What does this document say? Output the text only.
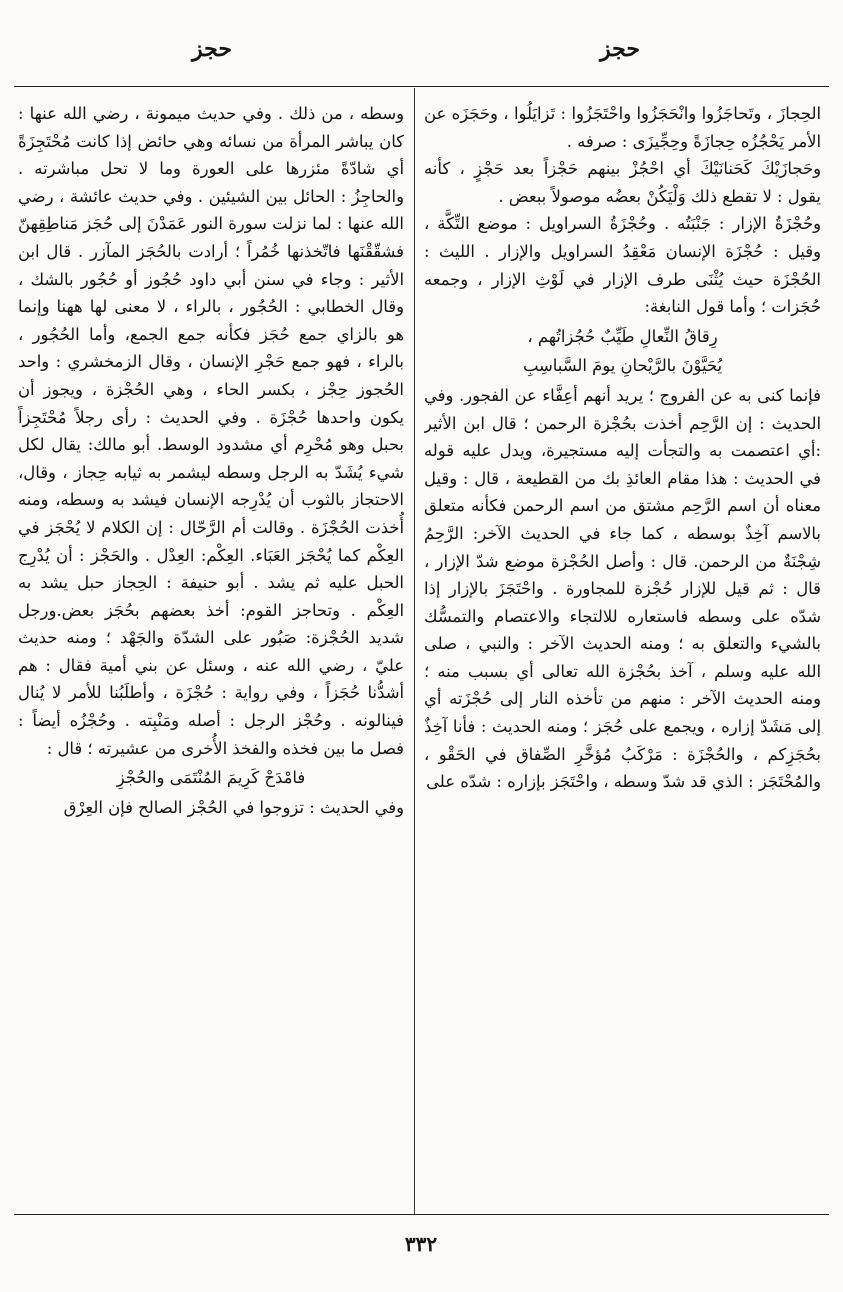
حجز
حجز

الحِجازَ ، وتَحاجَزُوا وانْحَجَزُوا واحْتَجَزُوا : تَزايَلُوا ، وحَجَزَه عن الأمر يَحْجُزُه حِجازَةً وحِجِّيزَى : صرفه .

وحَجازَيْكَ كَحَنانَيْكَ أي احْجُزْ بينهم حَجْزاً بعد حَجْزٍ ، كأنه يقول : لا تقطع ذلك وَلْيَكُنْ بعضُه موصولاً ببعض .

وحُجْزَةُ الإزار : جَنْبَتُه . وحُجْزَةُ السراويل : موضع التِّكَّة ، وقيل : حُجْزَة الإنسان مَعْقِدُ السراويل والإزار . الليث : الحُجْزَة حيث يُثْنَى طرف الإزار في لَوْثِ الإزار ، وجمعه حُجَزات ؛ وأما قول النابغة:

رِقاقُ النِّعالِ طَيِّبٌ حُجُزاتُهم ،

يُحَيَّوْنَ بالرَّيْحانِ يومَ السَّباسِبِ

فإنما كنى به عن الفروج ؛ يريد أنهم أعِفَّاء عن الفجور. وفي الحديث : إن الرَّحِم أخذت بحُجْزة الرحمن ؛ قال ابن الأثير :أي اعتصمت به والتجأت إليه مستجيرة، ويدل عليه قوله في الحديث : هذا مقام العائذِ بك من القطيعة ، قال : وقيل معناه أن اسم الرَّحِم مشتق من اسم الرحمن فكأنه متعلق بالاسم آخِذٌ بوسطه ، كما جاء في الحديث الآخر: الرَّحِمُ شِجْنَةٌ من الرحمن. قال : وأصل الحُجْزة موضع شدّ الإزار ، قال : ثم قيل للإزار حُجْزة للمجاورة . واحْتَجَزَ بالإزار إذا شدّه على وسطه فاستعاره للالتجاء والاعتصام والتمسُّك بالشيء والتعلق به ؛ ومنه الحديث الآخر : والنبي ، صلى الله عليه وسلم ، آخذ بحُجْزة الله تعالى أي بسبب منه ؛ ومنه الحديث الآخر : منهم من تأخذه النار إلى حُجْزَته أي إلى مَشَدّ إزاره ، ويجمع على حُجَز ؛ ومنه الحديث : فأنا آخِذٌ بحُجَزِكم ، والحُجْزَة : مَرْكَبُ مُؤخَّرِ الصِّفاق في الحَقْو ، والمُحْتَجَز : الذي قد شدّ وسطه ، واحْتَجَز بإزاره : شدّه على

وسطه ، من ذلك . وفي حديث ميمونة ، رضي الله عنها : كان يباشر المرأة من نسائه وهي حائض إذا كانت مُحْتَجِزَةً أي شادّةً مئزرها على العورة وما لا تحل مباشرته . والحاجِزُ : الحائل بين الشيئين . وفي حديث عائشة ، رضي الله عنها : لما نزلت سورة النور عَمَدْنَ إلى حُجَز مَناطِقِهنّ فشقّقْنَها فاتّخذنها خُمُراً ؛ أرادت بالحُجَز المآزر . قال ابن الأثير : وجاء في سنن أبي داود حُجُوز أو حُجُور بالشك ، وقال الخطابي : الحُجُور ، بالراء ، لا معنى لها ههنا وإنما هو بالزاي جمع حُجَز فكأنه جمع الجمع، وأما الحُجُور ، بالراء ، فهو جمع حَجْرِ الإنسان ، وقال الزمخشري : واحد الحُجوز حِجْز ، بكسر الحاء ، وهي الحُجْزة ، ويجوز أن يكون واحدها حُجْزَة . وفي الحديث : رأى رجلاً مُحْتَجِزاً بحبل وهو مُحْرِم أي مشدود الوسط. أبو مالك: يقال لكل شيء يُشَدّ به الرجل وسطه ليشمر به ثيابه حِجاز ، وقال، الاحتجاز بالثوب أن يُدْرِجه الإنسان فيشد به وسطه، ومنه أُخذت الحُجْزَة . وقالت أم الرَّحّال : إن الكلام لا يُحْجَز في العِكْم كما يُحْجَز العَبَاء. العِكْم: العِدْل . والحَجْز : أن يُدْرِج الحبل عليه ثم يشد . أبو حنيفة : الحِجاز حبل يشد به العِكْم . وتحاجز القوم: أخذ بعضهم بحُجَز بعض.ورجل شديد الحُجْزة: صَبُور على الشدّة والجَهْد ؛ ومنه حديث عليّ ، رضي الله عنه ، وسئل عن بني أمية فقال : هم أشدُّنا حُجَزاً ، وفي رواية : حُجْزَة ، وأطلَبُنا للأمر لا يُنال فينالونه . وحُجْز الرجل : أصله ومَنْبِته . وحُجْزُه أيضاً : فصل ما بين فخذه والفخذ الأُخرى من عشيرته ؛ قال :

فامْدَحْ كَرِيمَ المُنْتَمَى والحُجْزِ

وفي الحديث : تزوجوا في الحُجْز الصالح فإن العِرْق

٣٣٢
